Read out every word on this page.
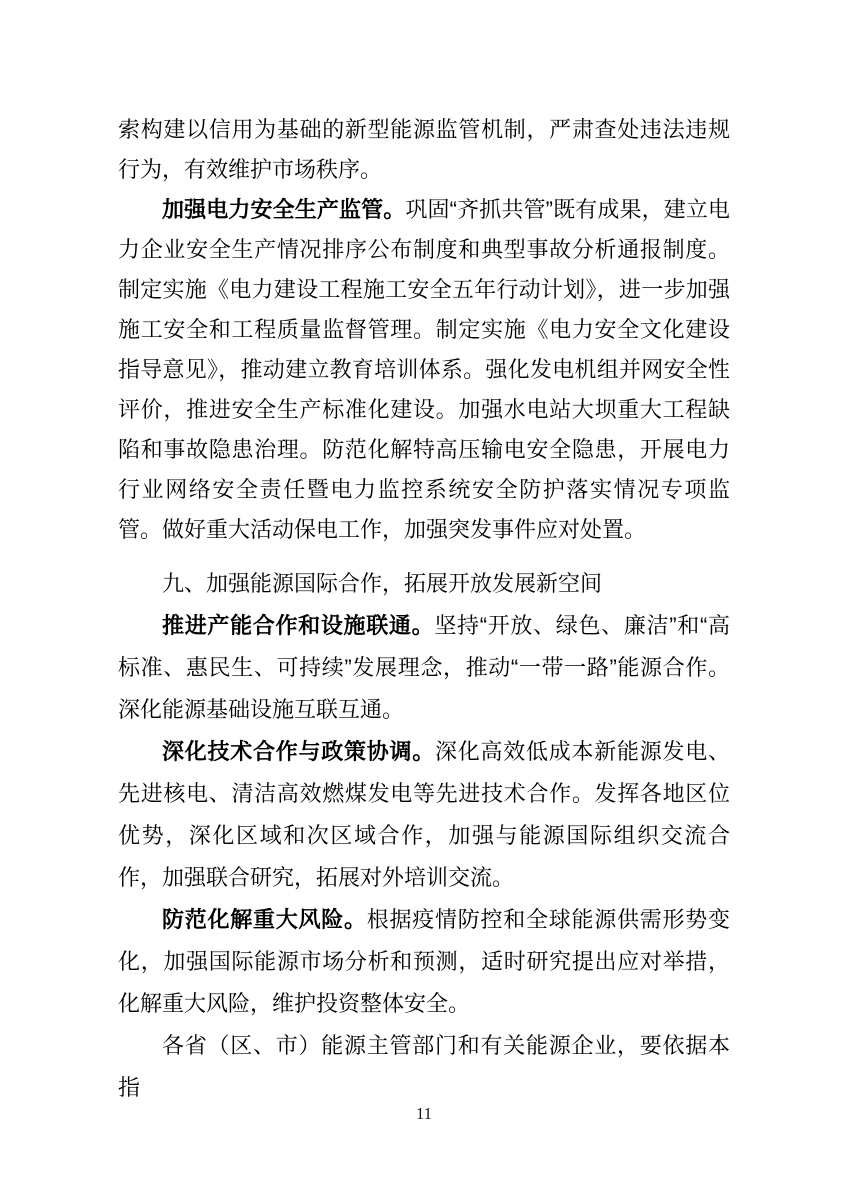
索构建以信用为基础的新型能源监管机制，严肃查处违法违规行为，有效维护市场秩序。

加强电力安全生产监管。巩固“齐抓共管”既有成果，建立电力企业安全生产情况排序公布制度和典型事故分析通报制度。制定实施《电力建设工程施工安全五年行动计划》，进一步加强施工安全和工程质量监督管理。制定实施《电力安全文化建设指导意见》，推动建立教育培训体系。强化发电机组并网安全性评价，推进安全生产标准化建设。加强水电站大坝重大工程缺陷和事故隐患治理。防范化解特高压输电安全隐患，开展电力行业网络安全责任暨电力监控系统安全防护落实情况专项监管。做好重大活动保电工作，加强突发事件应对处置。

九、加强能源国际合作，拓展开放发展新空间

推进产能合作和设施联通。坚持“开放、绿色、廉洁”和“高标准、惠民生、可持续”发展理念，推动“一带一路”能源合作。深化能源基础设施互联互通。

深化技术合作与政策协调。深化高效低成本新能源发电、先进核电、清洁高效燃煤发电等先进技术合作。发挥各地区位优势，深化区域和次区域合作，加强与能源国际组织交流合作，加强联合研究，拓展对外培训交流。

防范化解重大风险。根据疫情防控和全球能源供需形势变化，加强国际能源市场分析和预测，适时研究提出应对举措，化解重大风险，维护投资整体安全。

各省（区、市）能源主管部门和有关能源企业，要依据本指

11
